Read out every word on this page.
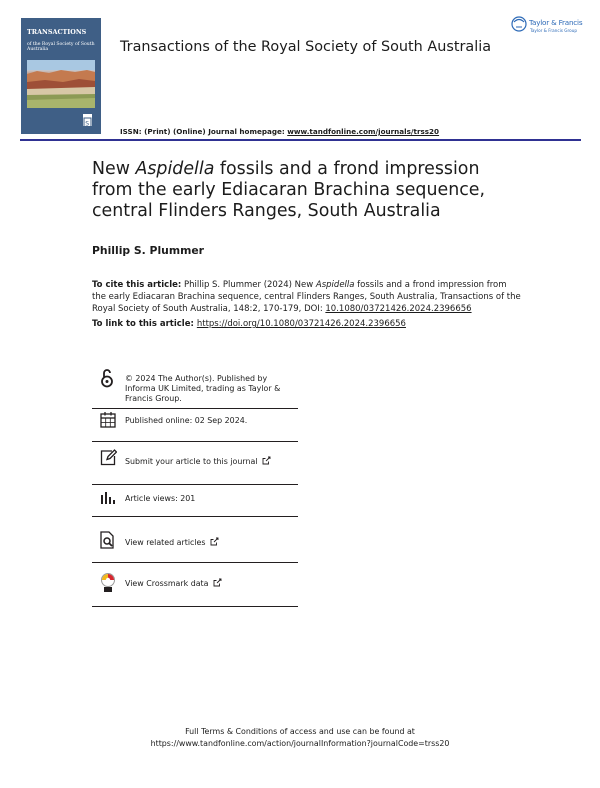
TRANSACTIONS
of the Royal Society of South Australia
S
Transactions of the Royal Society of South Australia
Taylor & Francis
Taylor & Francis Group
ISSN: (Print) (Online) Journal homepage: www.tandfonline.com/journals/trss20
New Aspidella fossils and a frond impression from the early Ediacaran Brachina sequence, central Flinders Ranges, South Australia
Phillip S. Plummer
To cite this article: Phillip S. Plummer (2024) New Aspidella fossils and a frond impression from the early Ediacaran Brachina sequence, central Flinders Ranges, South Australia, Transactions of the Royal Society of South Australia, 148:2, 170-179, DOI: 10.1080/03721426.2024.2396656
To link to this article: https://doi.org/10.1080/03721426.2024.2396656
© 2024 The Author(s). Published by Informa UK Limited, trading as Taylor & Francis Group.
Published online: 02 Sep 2024.
Submit your article to this journal
Article views: 201
View related articles
View Crossmark data
Full Terms & Conditions of access and use can be found at
https://www.tandfonline.com/action/journalInformation?journalCode=trss20
